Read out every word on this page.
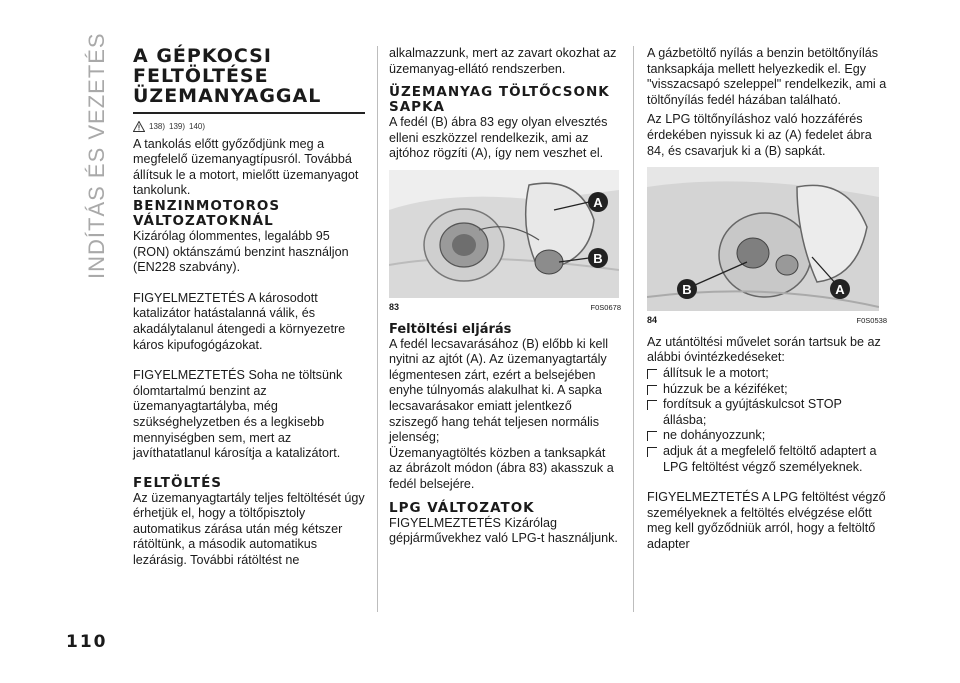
INDÍTÁS ÉS VEZETÉS A GÉPKOCSI

FELTÖLTÉSE

ÜZEMANYAGGAL

138) 139) 140)

A tankolás előtt győződjünk meg a megfelelő üzemanyagtípusról. Továbbá állítsuk le a motort, mielőtt üzemanyagot tankolunk.

BENZINMOTOROS VÁLTOZATOKNÁL

Kizárólag ólommentes, legalább 95 (RON) oktánszámú benzint használjon (EN228 szabvány).

FIGYELMEZTETÉS A károsodott katalizátor hatástalanná válik, és akadálytalanul átengedi a környezetre káros kipufogógázokat.

FIGYELMEZTETÉS Soha ne töltsünk ólomtartalmú benzint az üzemanyagtartályba, még szükséghelyzetben és a legkisebb mennyiségben sem, mert az javíthatatlanul károsítja a katalizátort.

FELTÖLTÉS

Az üzemanyagtartály teljes feltöltését úgy érhetjük el, hogy a töltőpisztoly automatikus zárása után még kétszer rátöltünk, a második automatikus lezárásig. További rátöltést ne

alkalmazzunk, mert az zavart okozhat az üzemanyag-ellátó rendszerben.

ÜZEMANYAG TÖLTŐCSONK SAPKA

A fedél (B) ábra 83 egy olyan elvesztés elleni eszközzel rendelkezik, ami az ajtóhoz rögzíti (A), így nem veszhet el.

A
B
83	F0S0678

Feltöltési eljárás

A fedél lecsavarásához (B) előbb ki kell nyitni az ajtót (A). Az üzemanyagtartály légmentesen zárt, ezért a belsejében enyhe túlnyomás alakulhat ki. A sapka lecsavarásakor emiatt jelentkező sziszegő hang tehát teljesen normális jelenség;

Üzemanyagtöltés közben a tanksapkát az ábrázolt módon (ábra 83) akasszuk a fedél belsejére.

LPG VÁLTOZATOK

FIGYELMEZTETÉS Kizárólag gépjárművekhez való LPG-t használjunk.

A gázbetöltő nyílás a benzin betöltőnyílás tanksapkája mellett helyezkedik el. Egy "visszacsapó szeleppel" rendelkezik, ami a töltőnyílás fedél házában található.

Az LPG töltőnyíláshoz való hozzáférés érdekében nyissuk ki az (A) fedelet ábra 84, és csavarjuk ki a (B) sapkát.

B	A
84	F0S0538

Az utántöltési művelet során tartsuk be az alábbi óvintézkedéseket:

állítsuk le a motort;
húzzuk be a kéziféket;
fordítsuk a gyújtáskulcsot STOP állásba;
ne dohányozzunk;
adjuk át a megfelelő feltöltő adaptert a LPG feltöltést végző személyeknek.

FIGYELMEZTETÉS A LPG feltöltést végző személyeknek a feltöltés elvégzése előtt meg kell győződniük arról, hogy a feltöltő adapter

110
